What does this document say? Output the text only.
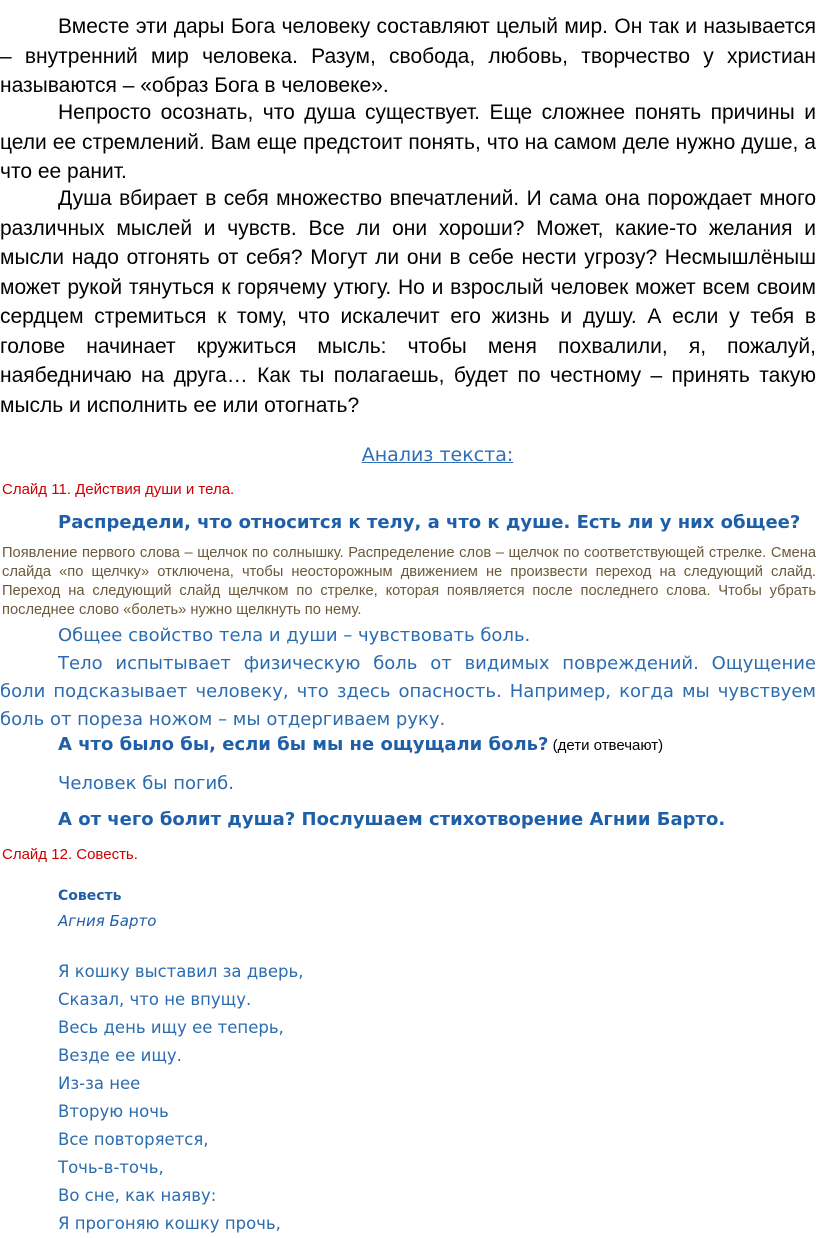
Вместе эти дары Бога человеку составляют целый мир. Он так и называется – внутренний мир человека. Разум, свобода, любовь, творчество у христиан называются – «образ Бога в человеке».

Непросто осознать, что душа существует. Еще сложнее понять причины и цели ее стремлений. Вам еще предстоит понять, что на самом деле нужно душе, а что ее ранит.

Душа вбирает в себя множество впечатлений. И сама она порождает много различных мыслей и чувств. Все ли они хороши? Может, какие-то желания и мысли надо отгонять от себя? Могут ли они в себе нести угрозу? Несмышлёныш может рукой тянуться к горячему утюгу. Но и взрослый человек может всем своим сердцем стремиться к тому, что искалечит его жизнь и душу. А если у тебя в голове начинает кружиться мысль: чтобы меня похвалили, я, пожалуй, наябедничаю на друга… Как ты полагаешь, будет по честному – принять такую мысль и исполнить ее или отогнать?

Анализ текста:

Слайд 11. Действия души и тела.

Распредели, что относится к телу, а что к душе. Есть ли у них общее?

Появление первого слова – щелчок по солнышку. Распределение слов – щелчок по соответствующей стрелке. Смена слайда «по щелчку» отключена, чтобы неосторожным движением не произвести переход на следующий слайд. Переход на следующий слайд щелчком по стрелке, которая появляется после последнего слова. Чтобы убрать последнее слово «болеть» нужно щелкнуть по нему.

Общее свойство тела и души – чувствовать боль.

Тело испытывает физическую боль от видимых повреждений. Ощущение боли подсказывает человеку, что здесь опасность. Например, когда мы чувствуем боль от пореза ножом – мы отдергиваем руку.

А что было бы, если бы мы не ощущали боль? (дети отвечают)

Человек бы погиб.

А от чего болит душа? Послушаем стихотворение Агнии Барто.

Слайд 12. Совесть.

Совесть

Агния Барто

Я кошку выставил за дверь,
Сказал, что не впущу.
Весь день ищу ее теперь,
Везде ее ищу.
Из-за нее
Вторую ночь
Все повторяется,
Точь-в-точь,
Во сне, как наяву:
Я прогоняю кошку прочь,
